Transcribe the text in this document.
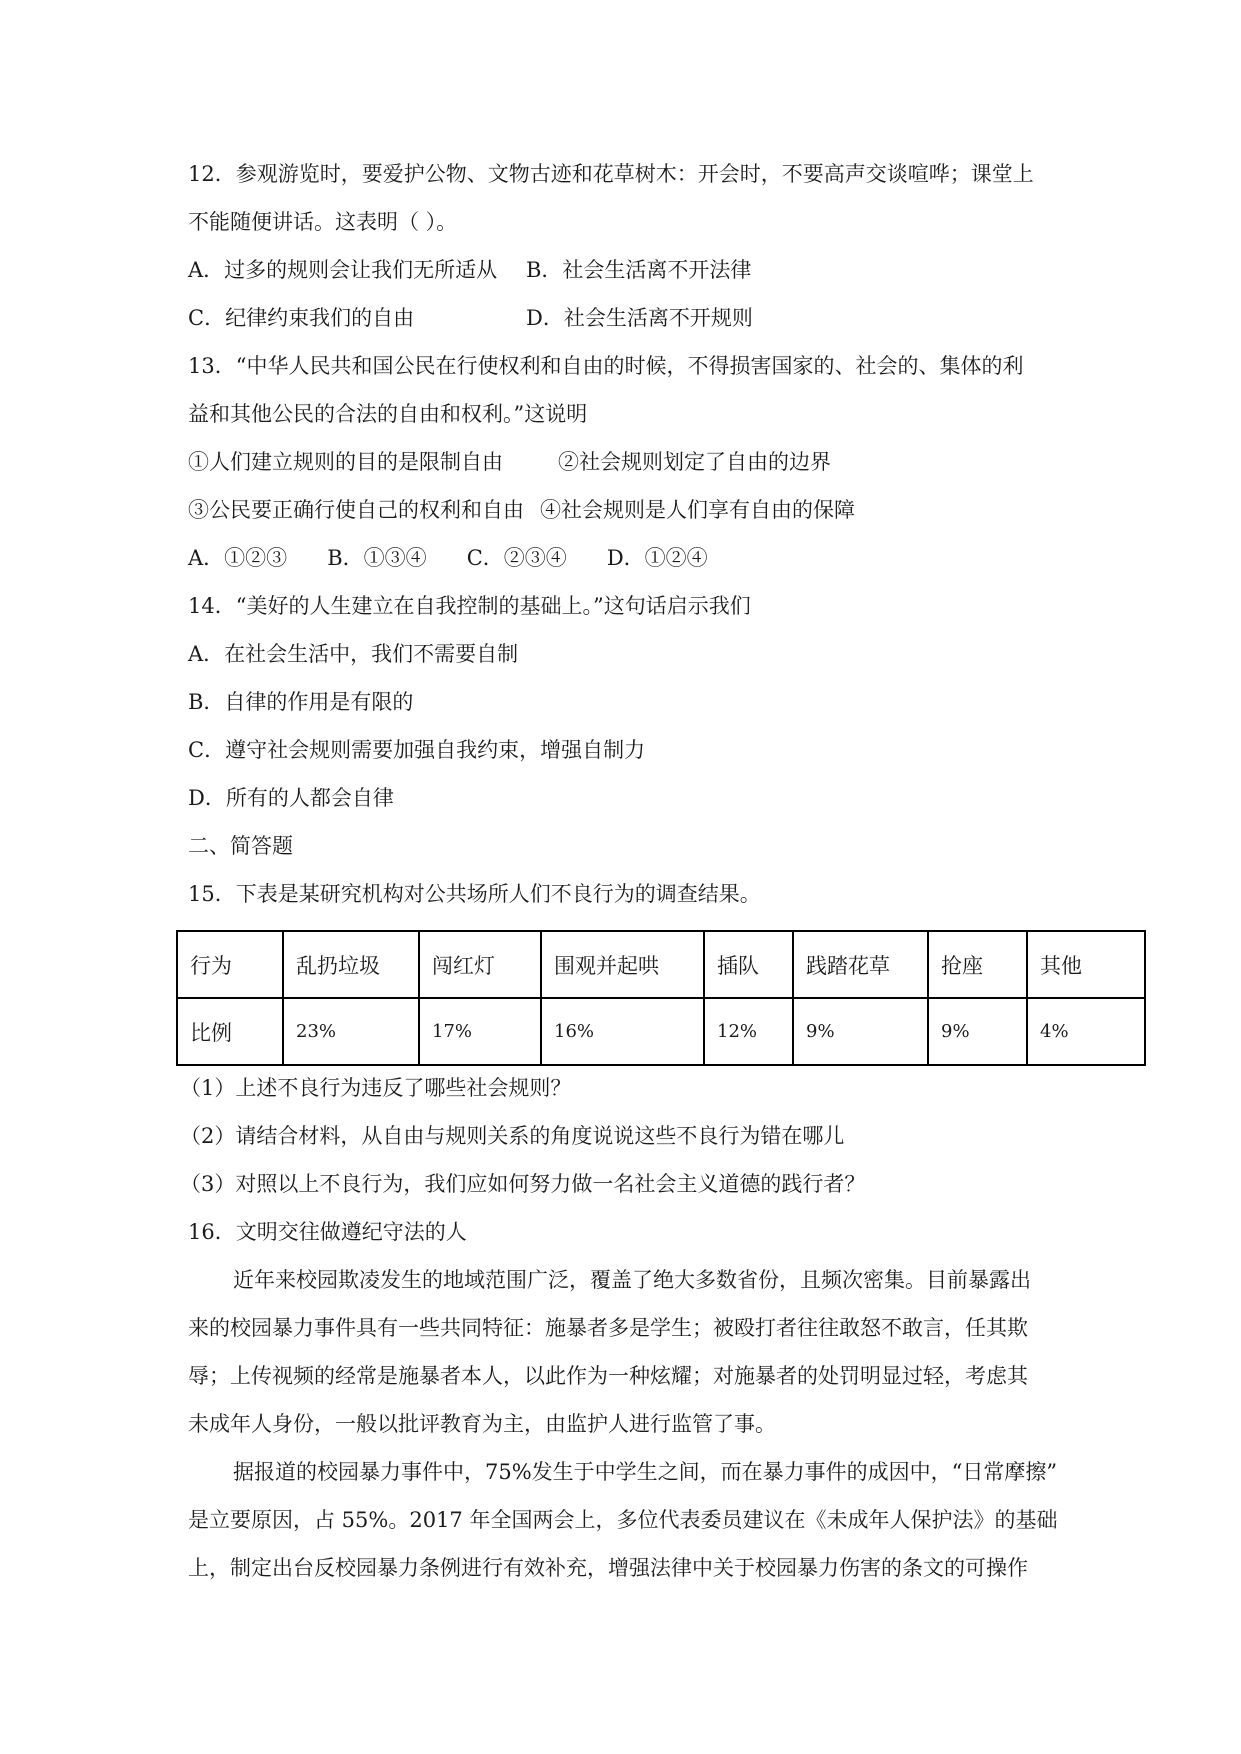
12．参观游览时，要爱护公物、文物古迹和花草树木：开会时，不要高声交谈喧哗；课堂上
不能随便讲话。这表明（ ）。
A．过多的规则会让我们无所适从 B．社会生活离不开法律
C．纪律约束我们的自由	D．社会生活离不开规则
13．“中华人民共和国公民在行使权利和自由的时候，不得损害国家的、社会的、集体的利
益和其他公民的合法的自由和权利。”这说明
①人们建立规则的目的是限制自由	②社会规则划定了自由的边界
③公民要正确行使自己的权利和自由 ④社会规则是人们享有自由的保障
A．①②③      B．①③④      C．②③④      D．①②④
14．“美好的人生建立在自我控制的基础上。”这句话启示我们
A．在社会生活中，我们不需要自制
B．自律的作用是有限的
C．遵守社会规则需要加强自我约束，增强自制力
D．所有的人都会自律
二、简答题
15．下表是某研究机构对公共场所人们不良行为的调查结果。
行为	乱扔垃圾	闯红灯	围观并起哄	插队	践踏花草	抢座	其他
比例	23%	17%	16%	12%	9%	9%	4%
（1）上述不良行为违反了哪些社会规则？
（2）请结合材料，从自由与规则关系的角度说说这些不良行为错在哪儿
（3）对照以上不良行为，我们应如何努力做一名社会主义道德的践行者？
16．文明交往做遵纪守法的人
近年来校园欺凌发生的地域范围广泛，覆盖了绝大多数省份，且频次密集。目前暴露出
来的校园暴力事件具有一些共同特征：施暴者多是学生；被殴打者往往敢怒不敢言，任其欺
辱；上传视频的经常是施暴者本人，以此作为一种炫耀；对施暴者的处罚明显过轻，考虑其
未成年人身份，一般以批评教育为主，由监护人进行监管了事。
据报道的校园暴力事件中，75%发生于中学生之间，而在暴力事件的成因中，“日常摩擦”
是立要原因，占 55%。2017 年全国两会上，多位代表委员建议在《未成年人保护法》的基础
上，制定出台反校园暴力条例进行有效补充，增强法律中关于校园暴力伤害的条文的可操作
